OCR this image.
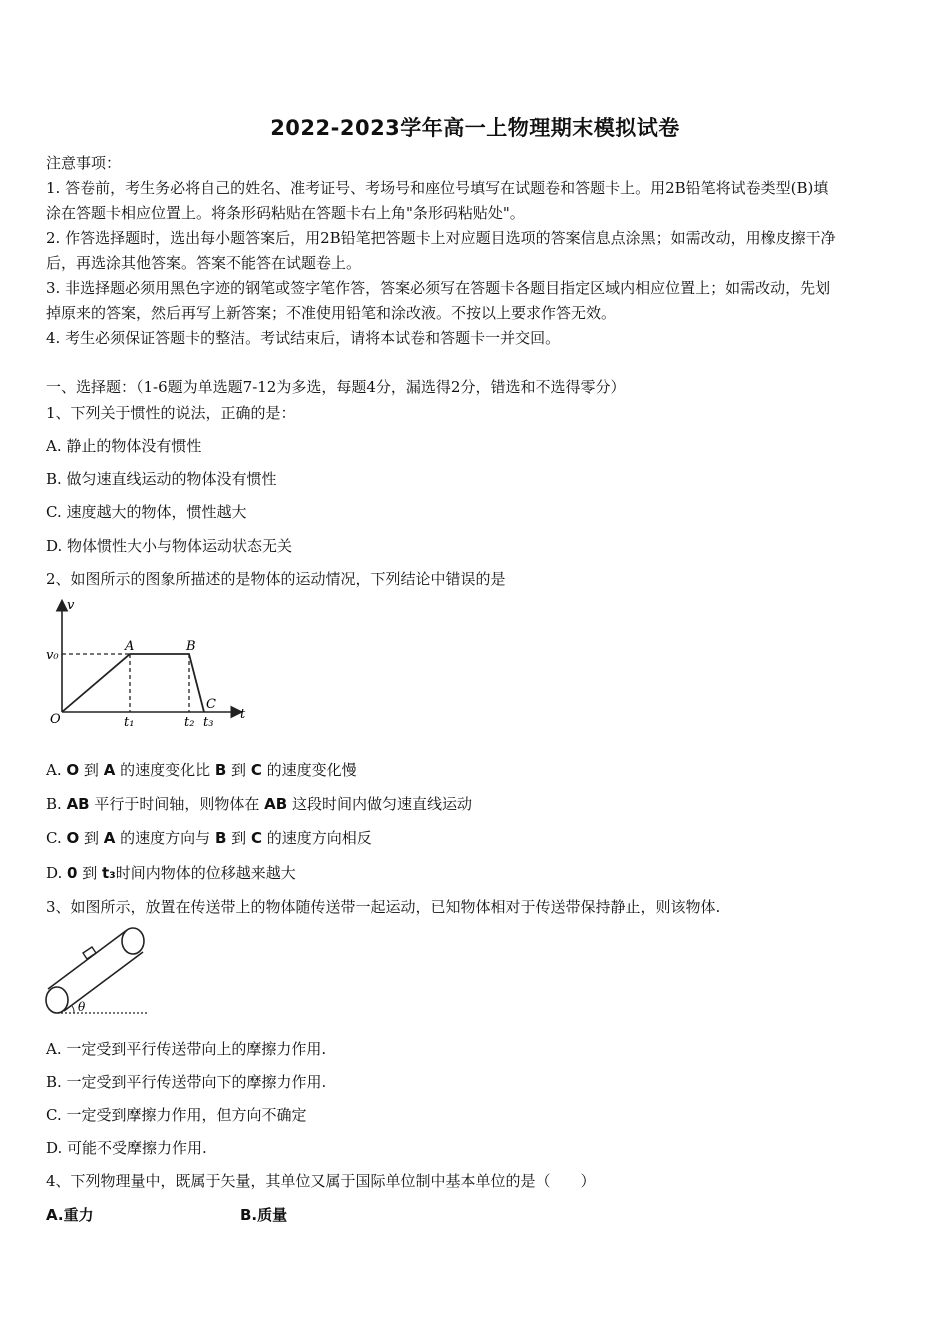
2022-2023学年高一上物理期末模拟试卷
注意事项：
1. 答卷前，考生务必将自己的姓名、准考证号、考场号和座位号填写在试题卷和答题卡上。用2B铅笔将试卷类型(B)填
涂在答题卡相应位置上。将条形码粘贴在答题卡右上角"条形码粘贴处"。
2. 作答选择题时，选出每小题答案后，用2B铅笔把答题卡上对应题目选项的答案信息点涂黑；如需改动，用橡皮擦干净
后，再选涂其他答案。答案不能答在试题卷上。
3. 非选择题必须用黑色字迹的钢笔或签字笔作答，答案必须写在答题卡各题目指定区域内相应位置上；如需改动，先划
掉原来的答案，然后再写上新答案；不准使用铅笔和涂改液。不按以上要求作答无效。
4. 考生必须保证答题卡的整洁。考试结束后，请将本试卷和答题卡一并交回。
一、选择题：（1-6题为单选题7-12为多选，每题4分，漏选得2分，错选和不选得零分）
1、下列关于惯性的说法，正确的是：
A. 静止的物体没有惯性
B. 做匀速直线运动的物体没有惯性
C. 速度越大的物体，惯性越大
D. 物体惯性大小与物体运动状态无关
2、如图所示的图象所描述的是物体的运动情况，下列结论中错误的是
v
v₀
A	B
C
O	t
t₁	t₂ t₃
A. O 到 A 的速度变化比 B 到 C 的速度变化慢
B. AB 平行于时间轴，则物体在 AB 这段时间内做匀速直线运动
C. O 到 A 的速度方向与 B 到 C 的速度方向相反
D. 0 到 t₃时间内物体的位移越来越大
3、如图所示，放置在传送带上的物体随传送带一起运动，已知物体相对于传送带保持静止，则该物体.
θ
A. 一定受到平行传送带向上的摩擦力作用.
B. 一定受到平行传送带向下的摩擦力作用.
C. 一定受到摩擦力作用，但方向不确定
D. 可能不受摩擦力作用.
4、下列物理量中，既属于矢量，其单位又属于国际单位制中基本单位的是（　　）
A.重力	B.质量
